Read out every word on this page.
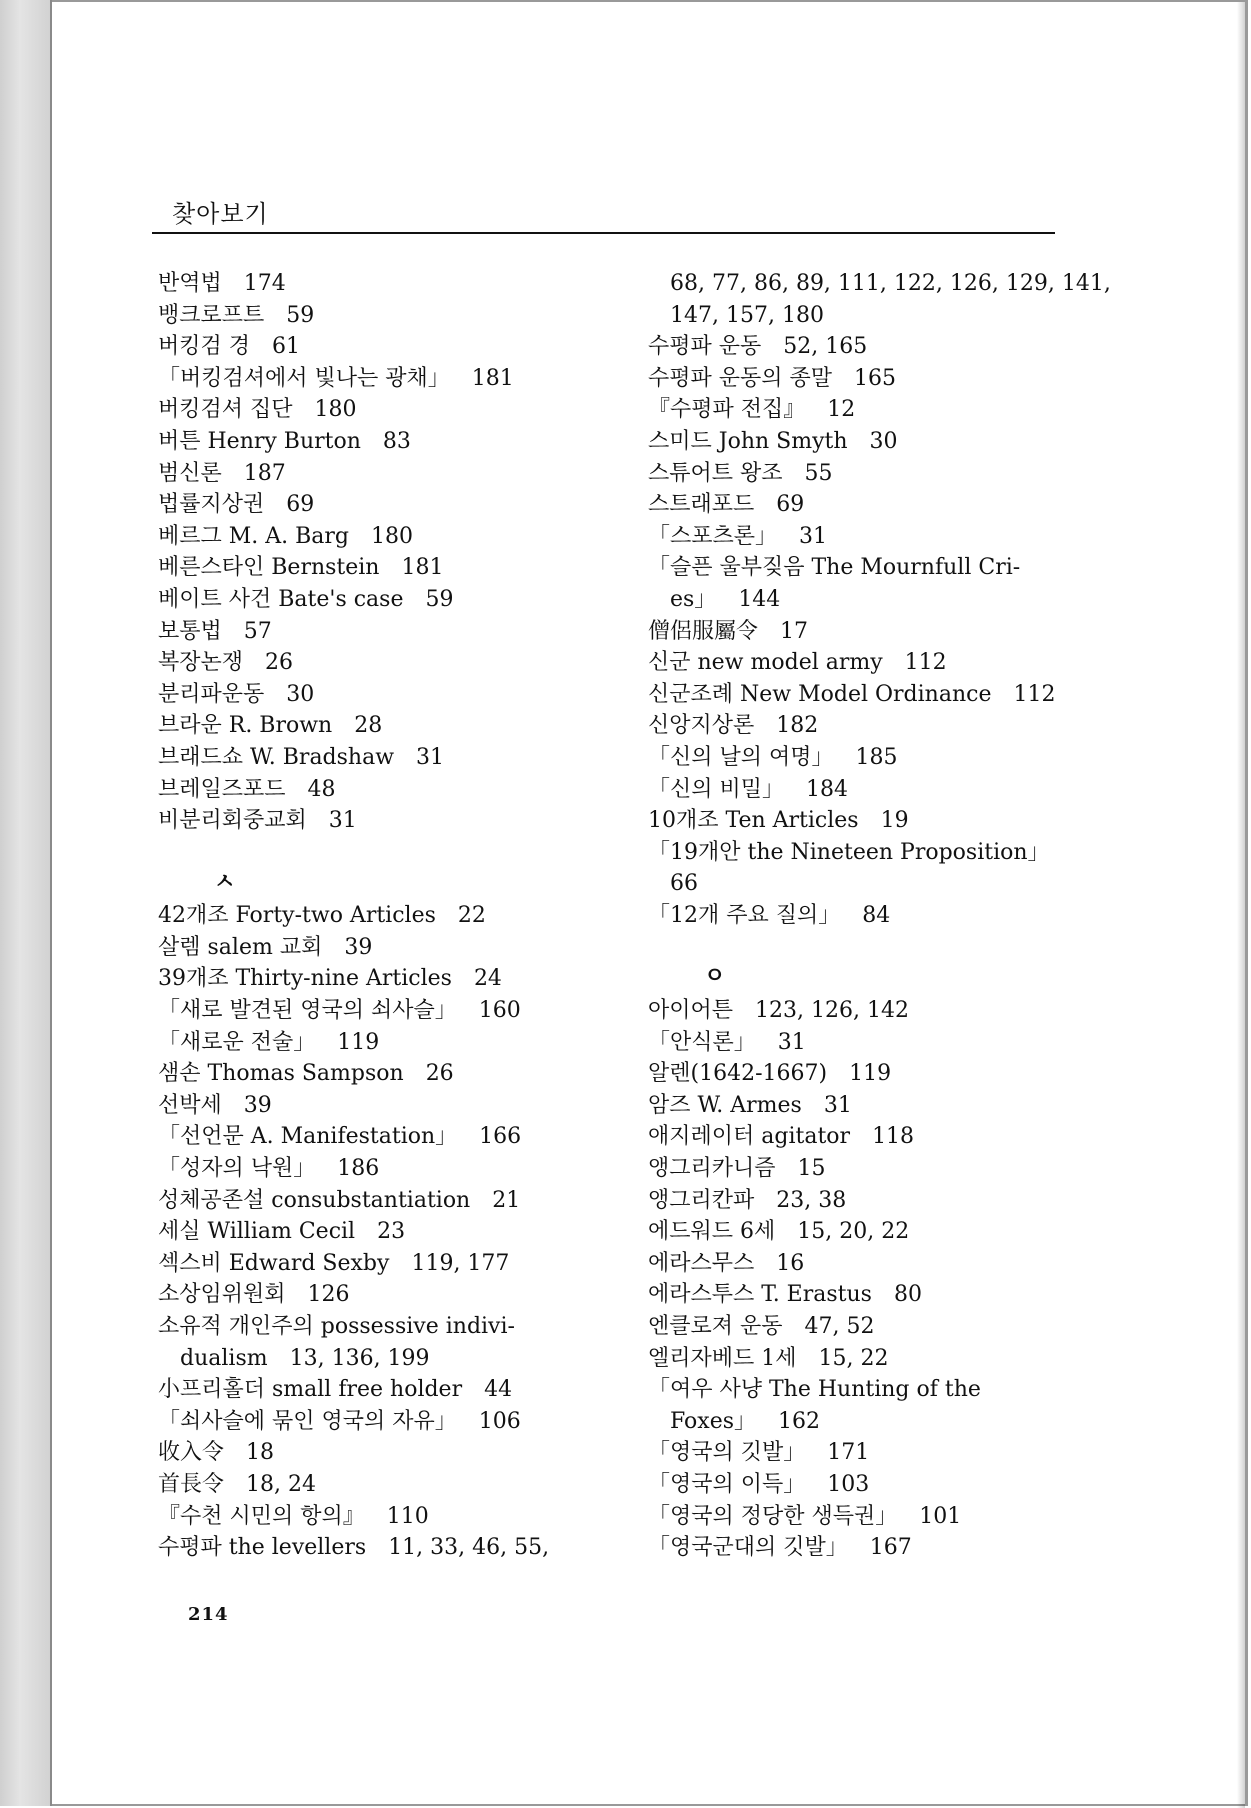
찾아보기
반역법 174
뱅크로프트 59
버킹검 경 61
「버킹검셔에서 빛나는 광채」 181
버킹검셔 집단 180
버튼 Henry Burton 83
범신론 187
법률지상권 69
베르그 M. A. Barg 180
베른스타인 Bernstein 181
베이트 사건 Bate's case 59
보통법 57
복장논쟁 26
분리파운동 30
브라운 R. Brown 28
브래드쇼 W. Bradshaw 31
브레일즈포드 48
비분리회중교회 31
ㅅ
42개조 Forty-two Articles 22
살렘 salem 교회 39
39개조 Thirty-nine Articles 24
「새로 발견된 영국의 쇠사슬」 160
「새로운 전술」 119
샘손 Thomas Sampson 26
선박세 39
「선언문 A. Manifestation」 166
「성자의 낙원」 186
성체공존설 consubstantiation 21
세실 William Cecil 23
섹스비 Edward Sexby 119, 177
소상임위원회 126
소유적 개인주의 possessive indivi-
dualism 13, 136, 199
小프리홀더 small free holder 44
「쇠사슬에 묶인 영국의 자유」 106
收入令 18
首長令 18, 24
『수천 시민의 항의』 110
수평파 the levellers 11, 33, 46, 55,
68, 77, 86, 89, 111, 122, 126, 129, 141,
147, 157, 180
수평파 운동 52, 165
수평파 운동의 종말 165
『수평파 전집』 12
스미드 John Smyth 30
스튜어트 왕조 55
스트래포드 69
「스포츠론」 31
「슬픈 울부짖음 The Mournfull Cri-
es」 144
僧侶服屬令 17
신군 new model army 112
신군조례 New Model Ordinance 112
신앙지상론 182
「신의 날의 여명」 185
「신의 비밀」 184
10개조 Ten Articles 19
「19개안 the Nineteen Proposition」
66
「12개 주요 질의」 84
ㅇ
아이어튼 123, 126, 142
「안식론」 31
알렌(1642-1667) 119
암즈 W. Armes 31
애지레이터 agitator 118
앵그리카니즘 15
앵그리칸파 23, 38
에드워드 6세 15, 20, 22
에라스무스 16
에라스투스 T. Erastus 80
엔클로져 운동 47, 52
엘리자베드 1세 15, 22
「여우 사냥 The Hunting of the
Foxes」 162
「영국의 깃발」 171
「영국의 이득」 103
「영국의 정당한 생득권」 101
「영국군대의 깃발」 167
214
